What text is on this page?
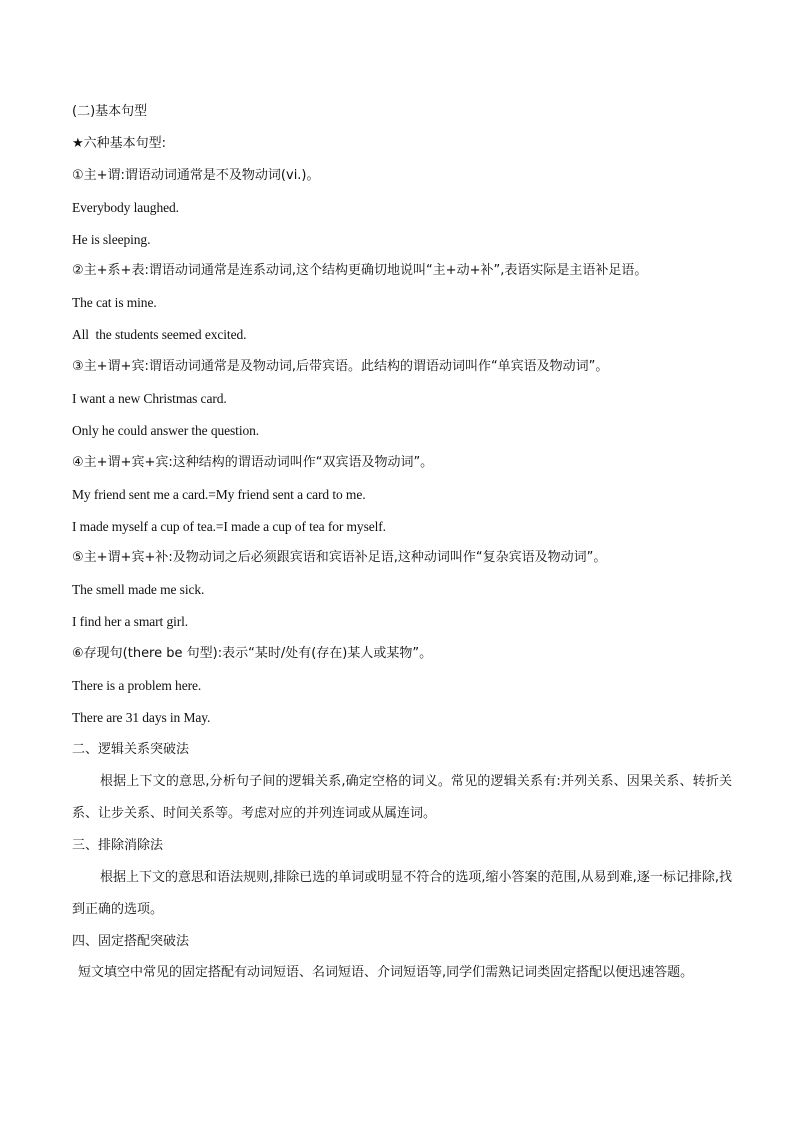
(二)基本句型
★六种基本句型:
①主+谓:谓语动词通常是不及物动词(vi.)。
Everybody laughed.
He is sleeping.
②主+系+表:谓语动词通常是连系动词,这个结构更确切地说叫“主+动+补”,表语实际是主语补足语。
The cat is mine.
All  the students seemed excited.
③主+谓+宾:谓语动词通常是及物动词,后带宾语。此结构的谓语动词叫作“单宾语及物动词”。
I want a new Christmas card.
Only he could answer the question.
④主+谓+宾+宾:这种结构的谓语动词叫作“双宾语及物动词”。
My friend sent me a card.=My friend sent a card to me.
I made myself a cup of tea.=I made a cup of tea for myself.
⑤主+谓+宾+补:及物动词之后必须跟宾语和宾语补足语,这种动词叫作“复杂宾语及物动词”。
The smell made me sick.
I find her a smart girl.
⑥存现句(there be 句型):表示“某时/处有(存在)某人或某物”。
There is a problem here.
There are 31 days in May.
二、逻辑关系突破法
根据上下文的意思,分析句子间的逻辑关系,确定空格的词义。常见的逻辑关系有:并列关系、因果关系、转折关系、让步关系、时间关系等。考虑对应的并列连词或从属连词。
三、排除消除法
根据上下文的意思和语法规则,排除已选的单词或明显不符合的选项,缩小答案的范围,从易到难,逐一标记排除,找到正确的选项。
四、固定搭配突破法
短文填空中常见的固定搭配有动词短语、名词短语、介词短语等,同学们需熟记词类固定搭配以便迅速答题。
